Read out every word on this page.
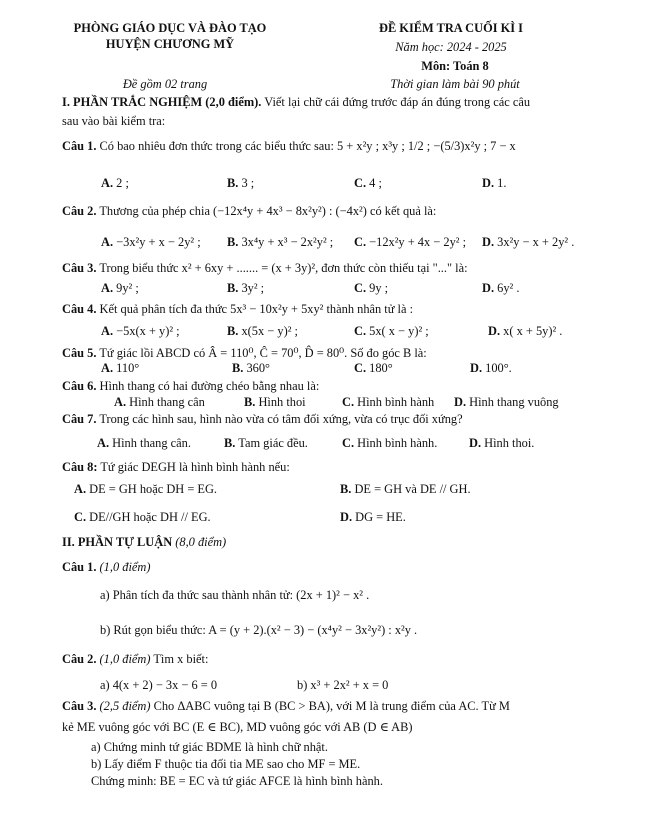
PHÒNG GIÁO DỤC VÀ ĐÀO TẠO
HUYỆN CHƯƠNG MỸ
Đề gồm 02 trang
ĐỀ KIỂM TRA CUỐI KÌ I
Năm học: 2024 - 2025
Môn: Toán 8
Thời gian làm bài 90 phút
I. PHẦN TRẮC NGHIỆM (2,0 điểm). Viết lại chữ cái đứng trước đáp án đúng trong các câu
sau vào bài kiểm tra:
Câu 1. Có bao nhiêu đơn thức trong các biểu thức sau: 5 + x²y ; x³y ; 1/2 ; −(5/3)x²y ; 7 − x
A. 2 ;	B. 3 ;	C. 4 ;	D. 1.
Câu 2. Thương của phép chia (−12x⁴y + 4x³ − 8x²y²) : (−4x²) có kết quả là:
A. −3x²y + x − 2y² ; B. 3x⁴y + x³ − 2x²y² ; C. −12x²y + 4x − 2y² ; D. 3x²y − x + 2y² .
Câu 3. Trong biểu thức x² + 6xy + ....... = (x + 3y)², đơn thức còn thiếu tại "..." là:
A. 9y² ;	B. 3y² ;	C. 9y ;	D. 6y² .
Câu 4. Kết quả phân tích đa thức 5x³ − 10x²y + 5xy² thành nhân tử là :
A. −5x(x + y)² ;	B. x(5x − y)² ;	C. 5x( x − y)² ;	D. x( x + 5y)² .
Câu 5. Tứ giác lồi ABCD có Â = 110⁰, Ĉ = 70⁰, D̂ = 80⁰. Số đo góc B là:
A. 110°	B. 360°	C. 180°	D. 100°.
Câu 6. Hình thang có hai đường chéo bằng nhau là:
A. Hình thang cân	B. Hình thoi	C. Hình bình hành D. Hình thang vuông
Câu 7. Trong các hình sau, hình nào vừa có tâm đối xứng, vừa có trục đối xứng?
A. Hình thang cân.	B. Tam giác đều.	C. Hình bình hành.	D. Hình thoi.
Câu 8: Tứ giác DEGH là hình bình hành nếu:
A. DE = GH hoặc DH = EG.	B. DE = GH và DE // GH.
C. DE//GH hoặc DH // EG.	D. DG = HE.
II. PHẦN TỰ LUẬN (8,0 điểm)
Câu 1. (1,0 điểm)
a) Phân tích đa thức sau thành nhân tử: (2x + 1)² − x² .
b) Rút gọn biểu thức: A = (y + 2).(x² − 3) − (x⁴y² − 3x²y²) : x²y .
Câu 2. (1,0 điểm) Tìm x biết:
a) 4(x + 2) − 3x − 6 = 0	b) x³ + 2x² + x = 0
Câu 3. (2,5 điểm) Cho ΔABC vuông tại B (BC > BA), với M là trung điểm của AC. Từ M
kẻ ME vuông góc với BC (E ∈ BC), MD vuông góc với AB (D ∈ AB)
a) Chứng minh tứ giác BDME là hình chữ nhật.
b) Lấy điểm F thuộc tia đối tia ME sao cho MF = ME.
Chứng minh: BE = EC và tứ giác AFCE là hình bình hành.
